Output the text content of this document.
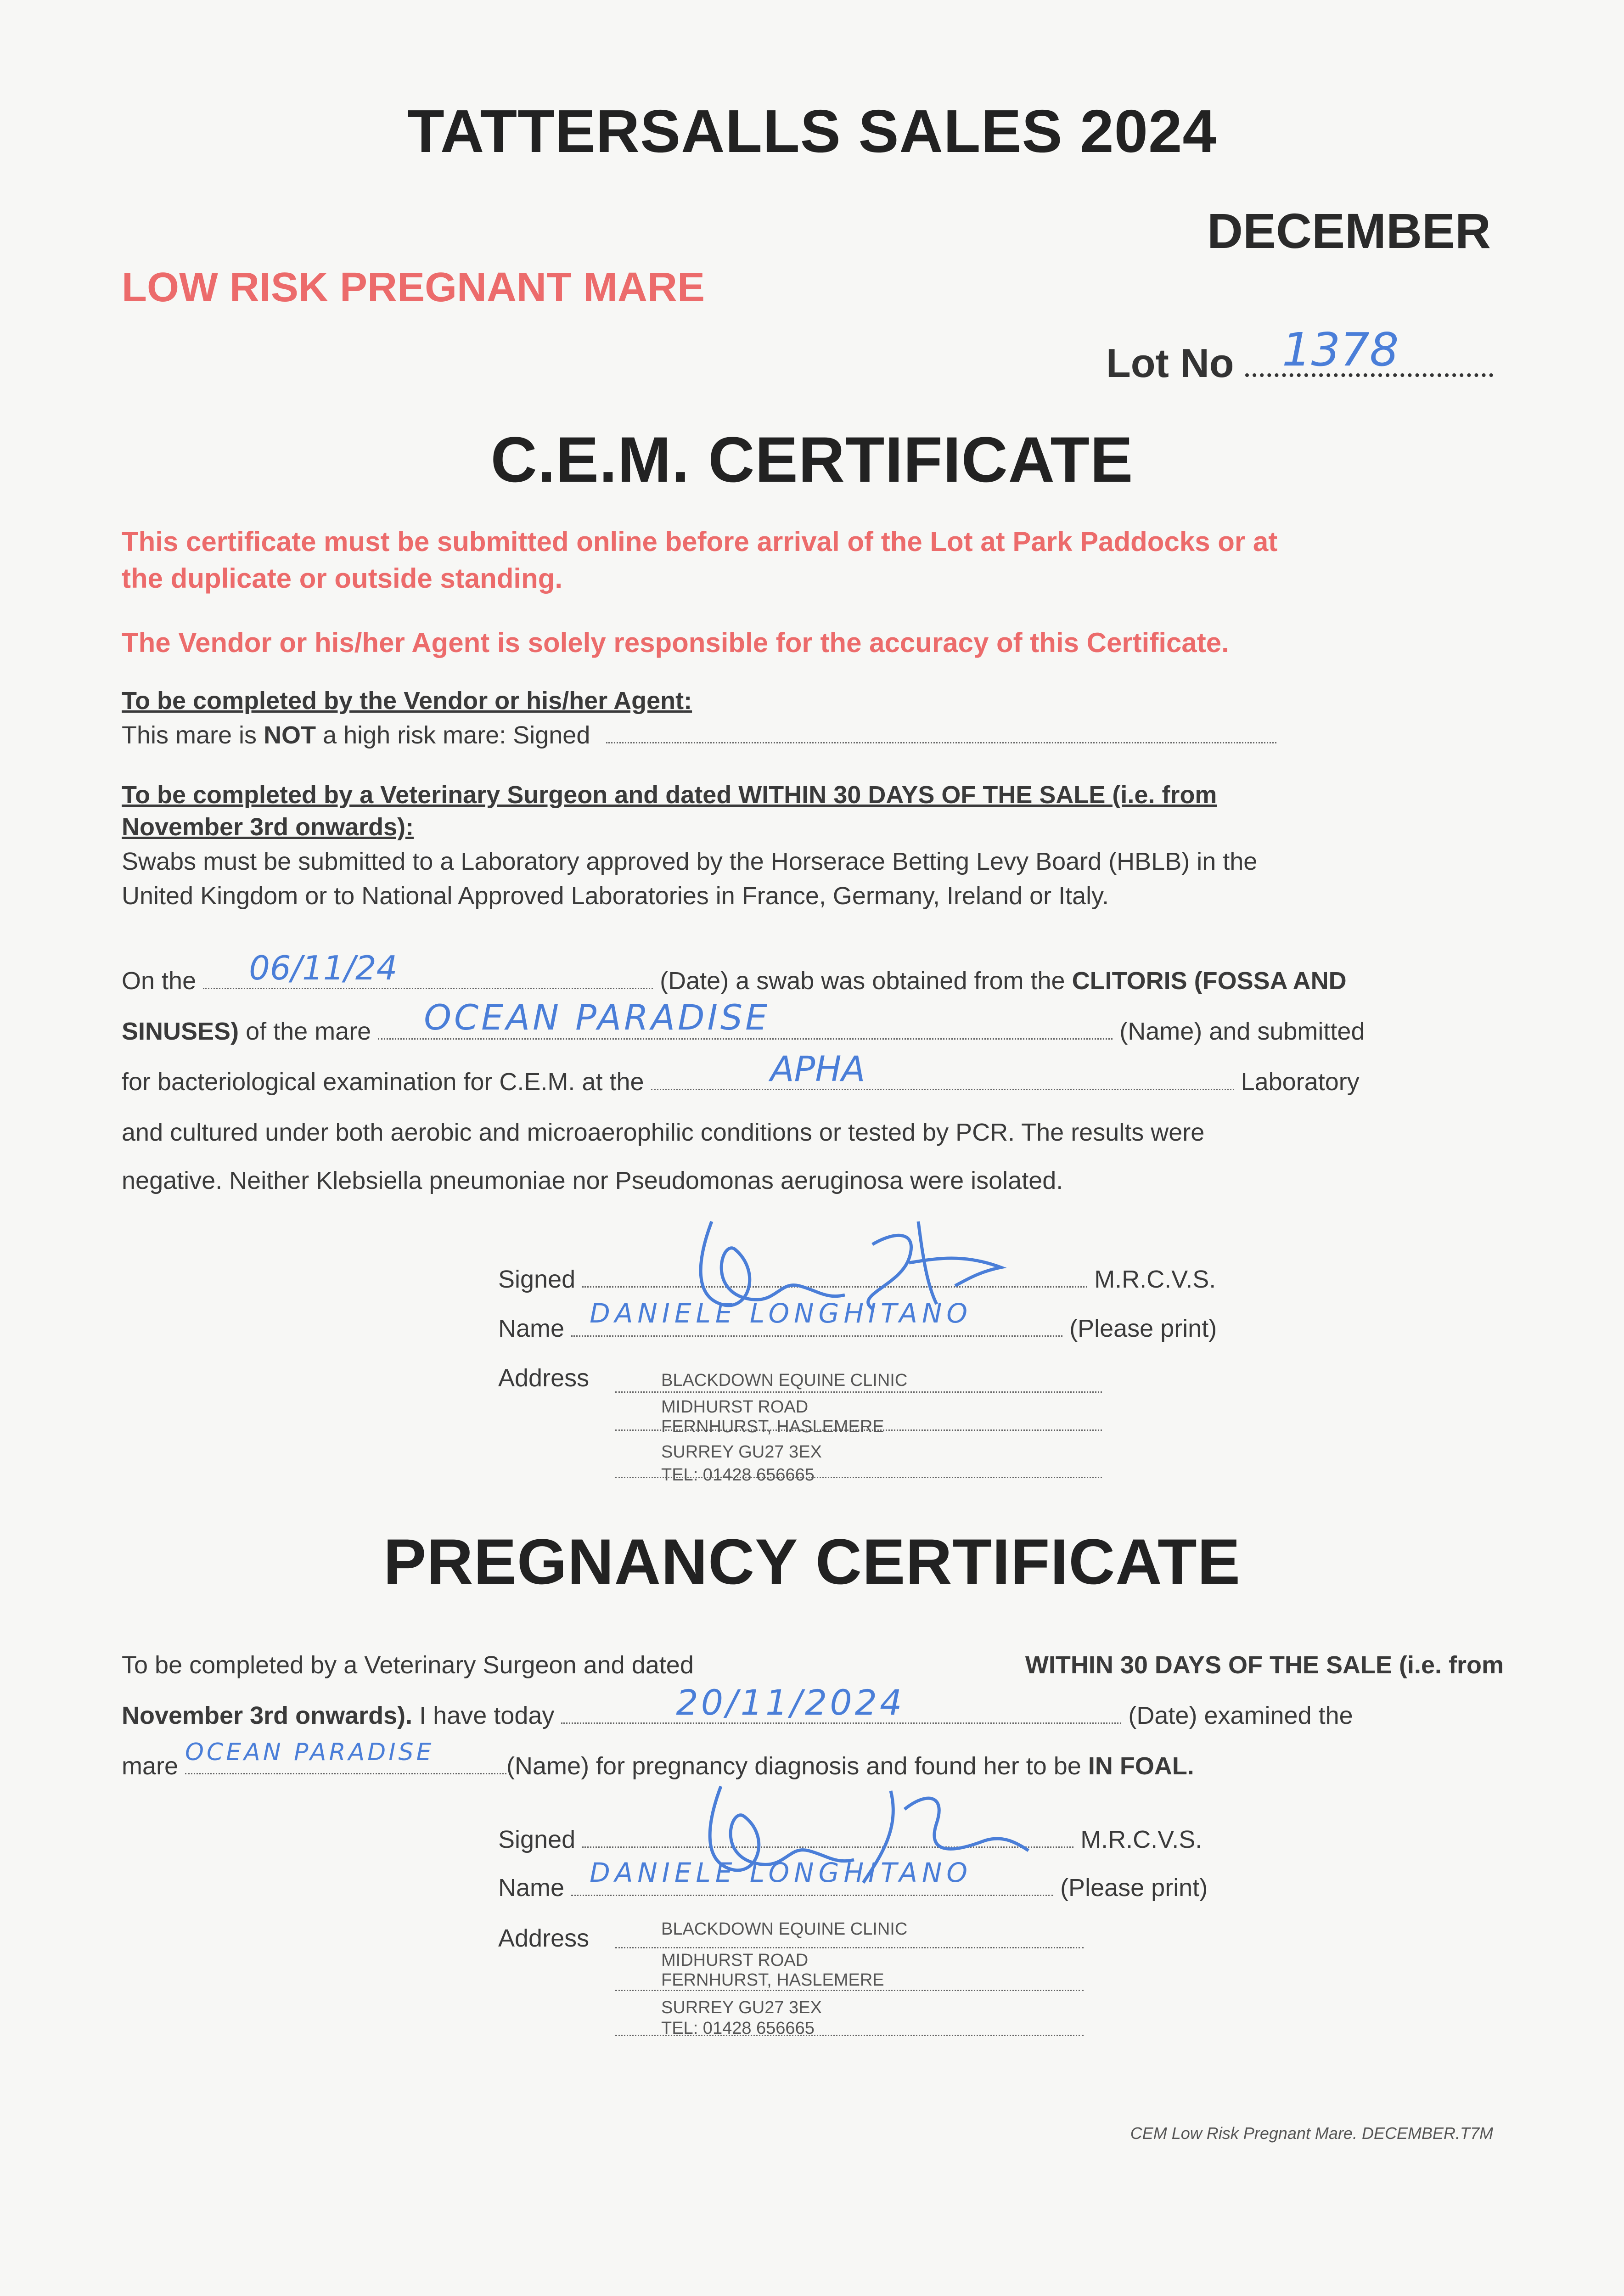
TATTERSALLS SALES 2024
DECEMBER
LOW RISK PREGNANT MARE
Lot No 1378
C.E.M. CERTIFICATE
This certificate must be submitted online before arrival of the Lot at Park Paddocks or at
the duplicate or outside standing.
The Vendor or his/her Agent is solely responsible for the accuracy of this Certificate.
To be completed by the Vendor or his/her Agent:
This mare is NOT a high risk mare: Signed
To be completed by a Veterinary Surgeon and dated WITHIN 30 DAYS OF THE SALE (i.e. from
November 3rd onwards):
Swabs must be submitted to a Laboratory approved by the Horserace Betting Levy Board (HBLB) in the
United Kingdom or to National Approved Laboratories in France, Germany, Ireland or Italy.
On the 06/11/24	(Date) a swab was obtained from the CLITORIS (FOSSA AND
SINUSES) of the mare OCEAN PARADISE	(Name) and submitted
for bacteriological examination for C.E.M. at the	APHA	Laboratory
and cultured under both aerobic and microaerophilic conditions or tested by PCR. The results were
negative. Neither Klebsiella pneumoniae nor Pseudomonas aeruginosa were isolated.
Signed	M.R.C.V.S.
Name DANIELE LONGHITANO	(Please print)
Address	BLACKDOWN EQUINE CLINIC
MIDHURST ROAD
FERNHURST, HASLEMERE
SURREY GU27 3EX
TEL: 01428 656665
PREGNANCY CERTIFICATE
To be completed by a Veterinary Surgeon and dated	WITHIN 30 DAYS OF THE SALE (i.e. from
November 3rd onwards). I have today	20/11/2024	(Date) examined the
mare OCEAN PARADISE	(Name) for pregnancy diagnosis and found her to be IN FOAL.
Signed	M.R.C.V.S.
Name DANIELE LONGHITANO	(Please print)
Address	BLACKDOWN EQUINE CLINIC
MIDHURST ROAD
FERNHURST, HASLEMERE
SURREY GU27 3EX
TEL: 01428 656665
CEM Low Risk Pregnant Mare. DECEMBER.T7M
